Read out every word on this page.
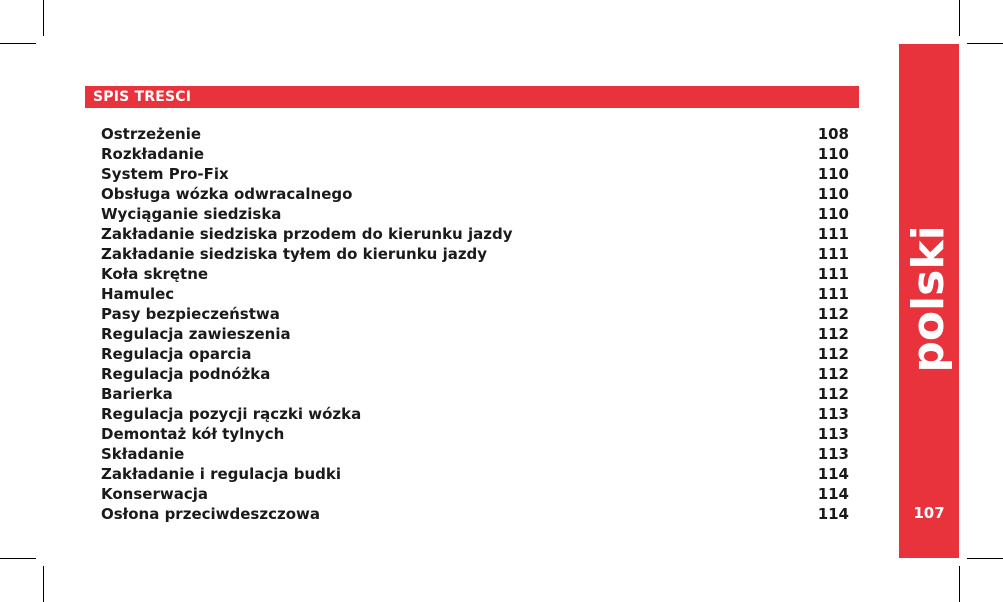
SPIS TRESCI
Ostrzeżenie	108
Rozkładanie	110
System Pro-Fix	110
Obsługa wózka odwracalnego	110
Wyciąganie siedziska	110
Zakładanie siedziska przodem do kierunku jazdy	111
Zakładanie siedziska tyłem do kierunku jazdy	111
Koła skrętne	111
Hamulec	111
Pasy bezpieczeństwa	112
Regulacja zawieszenia	112
Regulacja oparcia	112
Regulacja podnóżka	112
Barierka	112
Regulacja pozycji rączki wózka	113
Demontaż kół tylnych	113
Składanie	113
Zakładanie i regulacja budki	114
Konserwacja	114
Osłona przeciwdeszczowa	114
polski
107
